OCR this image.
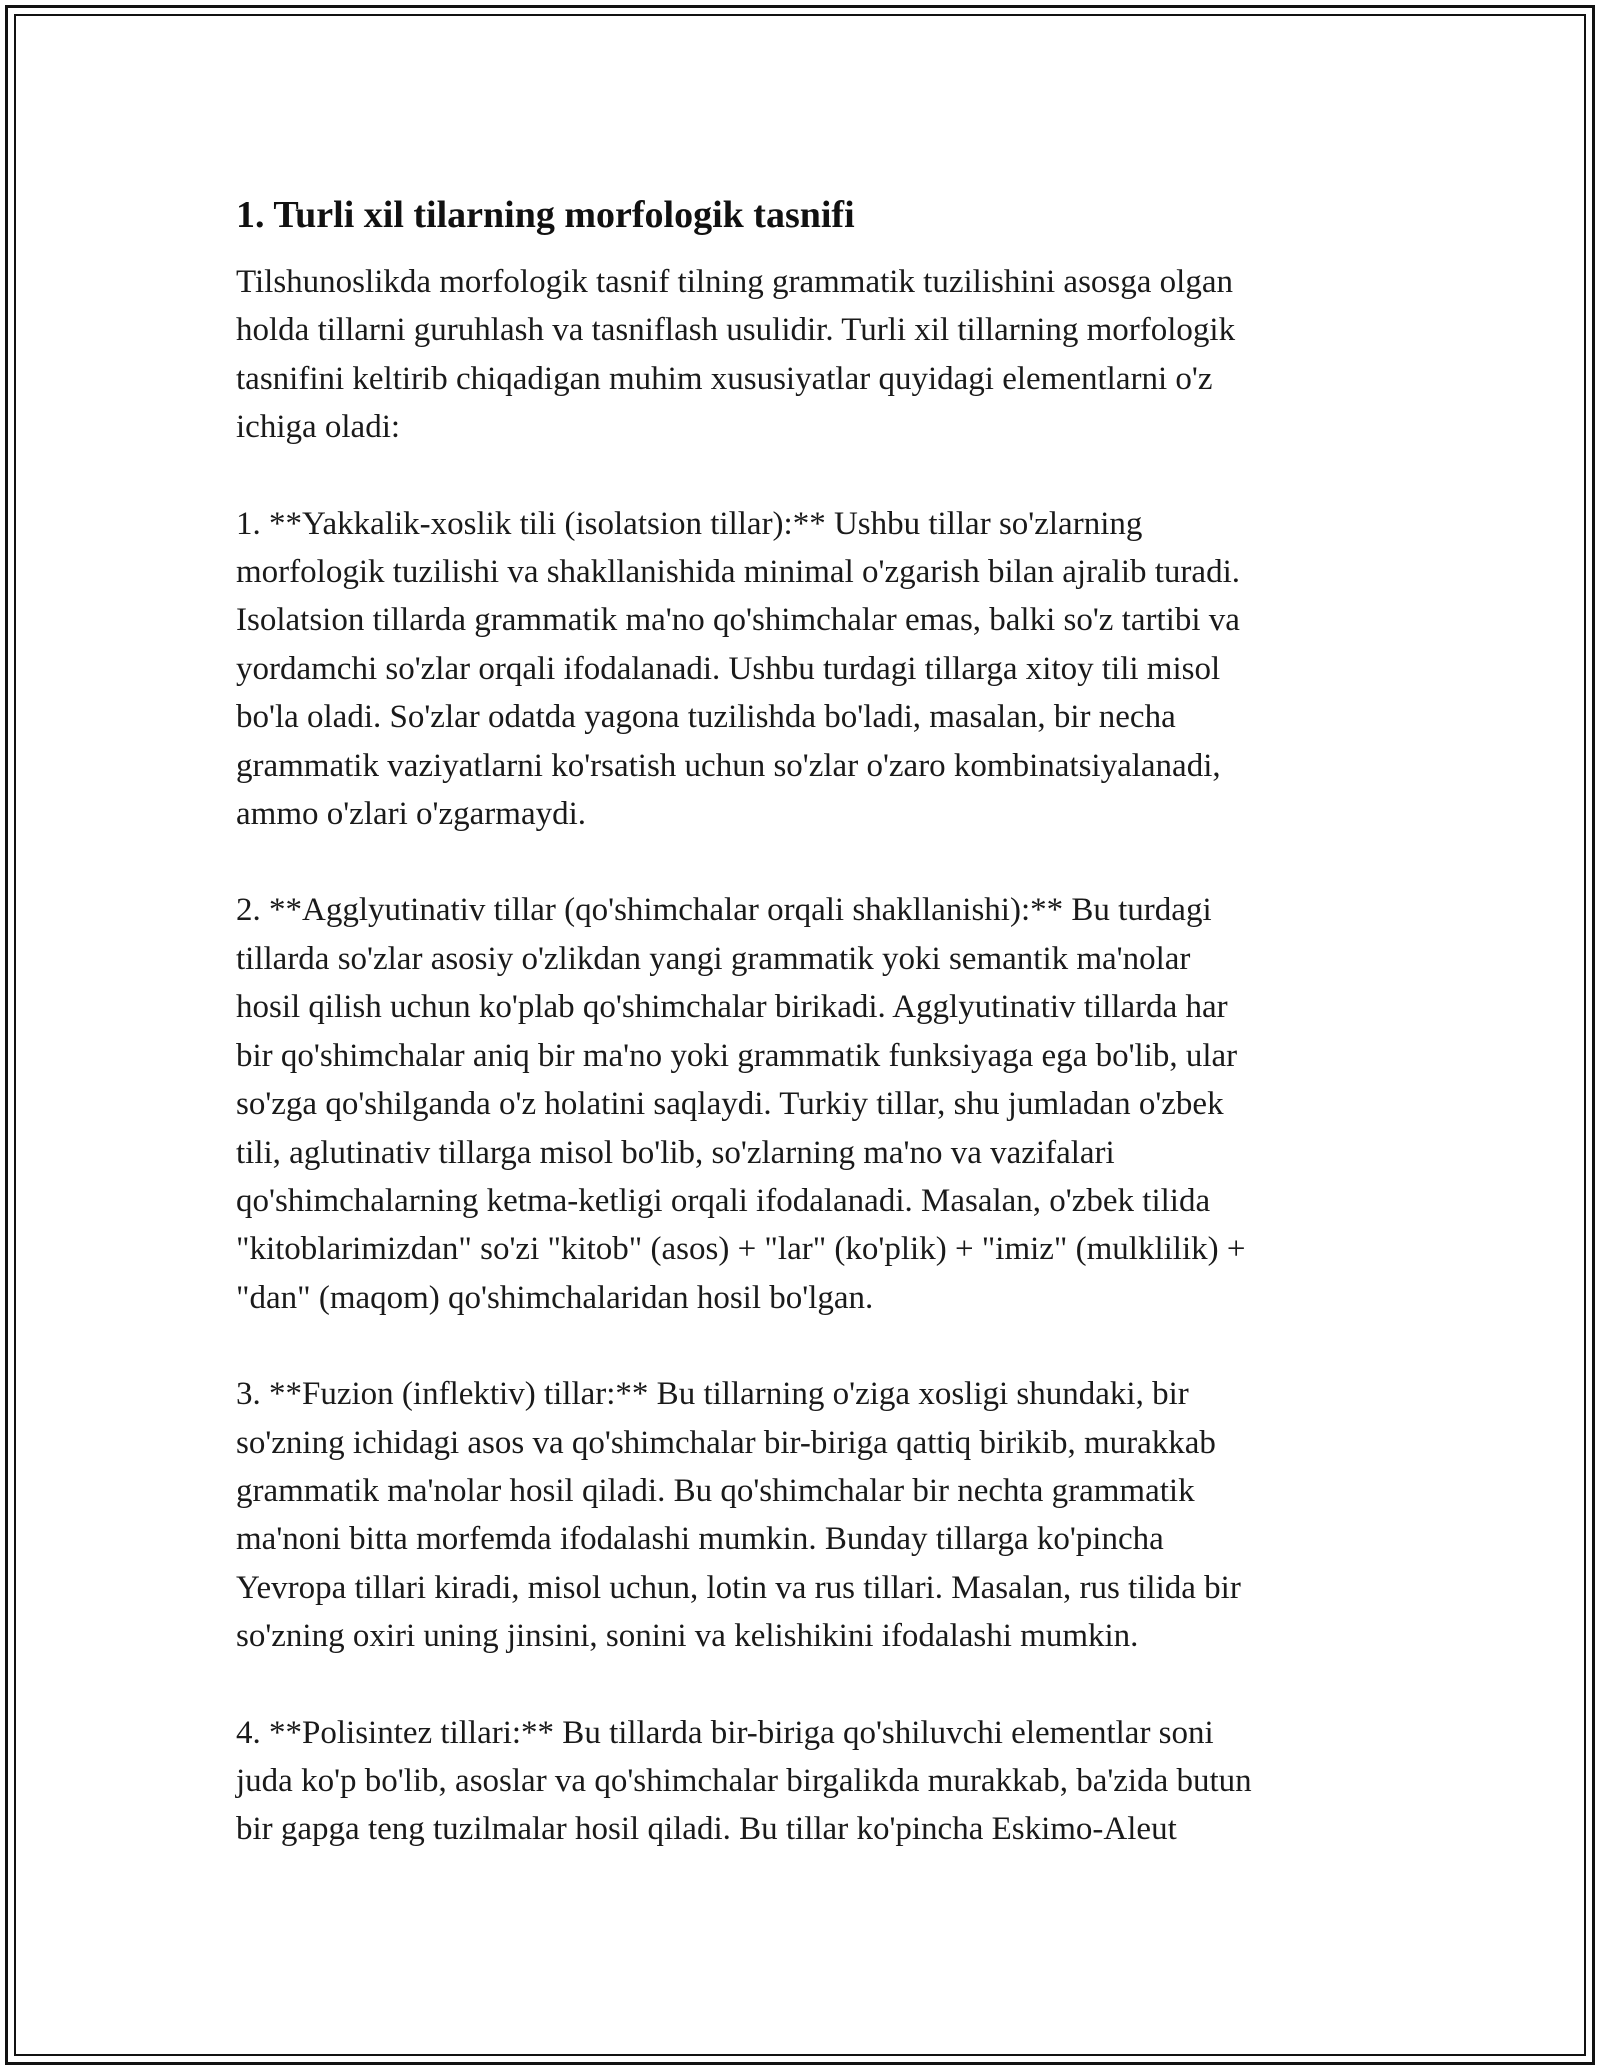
1. Turli xil tilarning morfologik tasnifi

Tilshunoslikda morfologik tasnif tilning grammatik tuzilishini asosga olgan
holda tillarni guruhlash va tasniflash usulidir. Turli xil tillarning morfologik
tasnifini keltirib chiqadigan muhim xususiyatlar quyidagi elementlarni o'z
ichiga oladi:

1. **Yakkalik-xoslik tili (isolatsion tillar):** Ushbu tillar so'zlarning
morfologik tuzilishi va shakllanishida minimal o'zgarish bilan ajralib turadi.
Isolatsion tillarda grammatik ma'no qo'shimchalar emas, balki so'z tartibi va
yordamchi so'zlar orqali ifodalanadi. Ushbu turdagi tillarga xitoy tili misol
bo'la oladi. So'zlar odatda yagona tuzilishda bo'ladi, masalan, bir necha
grammatik vaziyatlarni ko'rsatish uchun so'zlar o'zaro kombinatsiyalanadi,
ammo o'zlari o'zgarmaydi.

2. **Agglyutinativ tillar (qo'shimchalar orqali shakllanishi):** Bu turdagi
tillarda so'zlar asosiy o'zlikdan yangi grammatik yoki semantik ma'nolar
hosil qilish uchun ko'plab qo'shimchalar birikadi. Agglyutinativ tillarda har
bir qo'shimchalar aniq bir ma'no yoki grammatik funksiyaga ega bo'lib, ular
so'zga qo'shilganda o'z holatini saqlaydi. Turkiy tillar, shu jumladan o'zbek
tili, aglutinativ tillarga misol bo'lib, so'zlarning ma'no va vazifalari
qo'shimchalarning ketma-ketligi orqali ifodalanadi. Masalan, o'zbek tilida
"kitoblarimizdan" so'zi "kitob" (asos) + "lar" (ko'plik) + "imiz" (mulklilik) +
"dan" (maqom) qo'shimchalaridan hosil bo'lgan.

3. **Fuzion (inflektiv) tillar:** Bu tillarning o'ziga xosligi shundaki, bir
so'zning ichidagi asos va qo'shimchalar bir-biriga qattiq birikib, murakkab
grammatik ma'nolar hosil qiladi. Bu qo'shimchalar bir nechta grammatik
ma'noni bitta morfemda ifodalashi mumkin. Bunday tillarga ko'pincha
Yevropa tillari kiradi, misol uchun, lotin va rus tillari. Masalan, rus tilida bir
so'zning oxiri uning jinsini, sonini va kelishikini ifodalashi mumkin.

4. **Polisintez tillari:** Bu tillarda bir-biriga qo'shiluvchi elementlar soni
juda ko'p bo'lib, asoslar va qo'shimchalar birgalikda murakkab, ba'zida butun
bir gapga teng tuzilmalar hosil qiladi. Bu tillar ko'pincha Eskimo-Aleut
